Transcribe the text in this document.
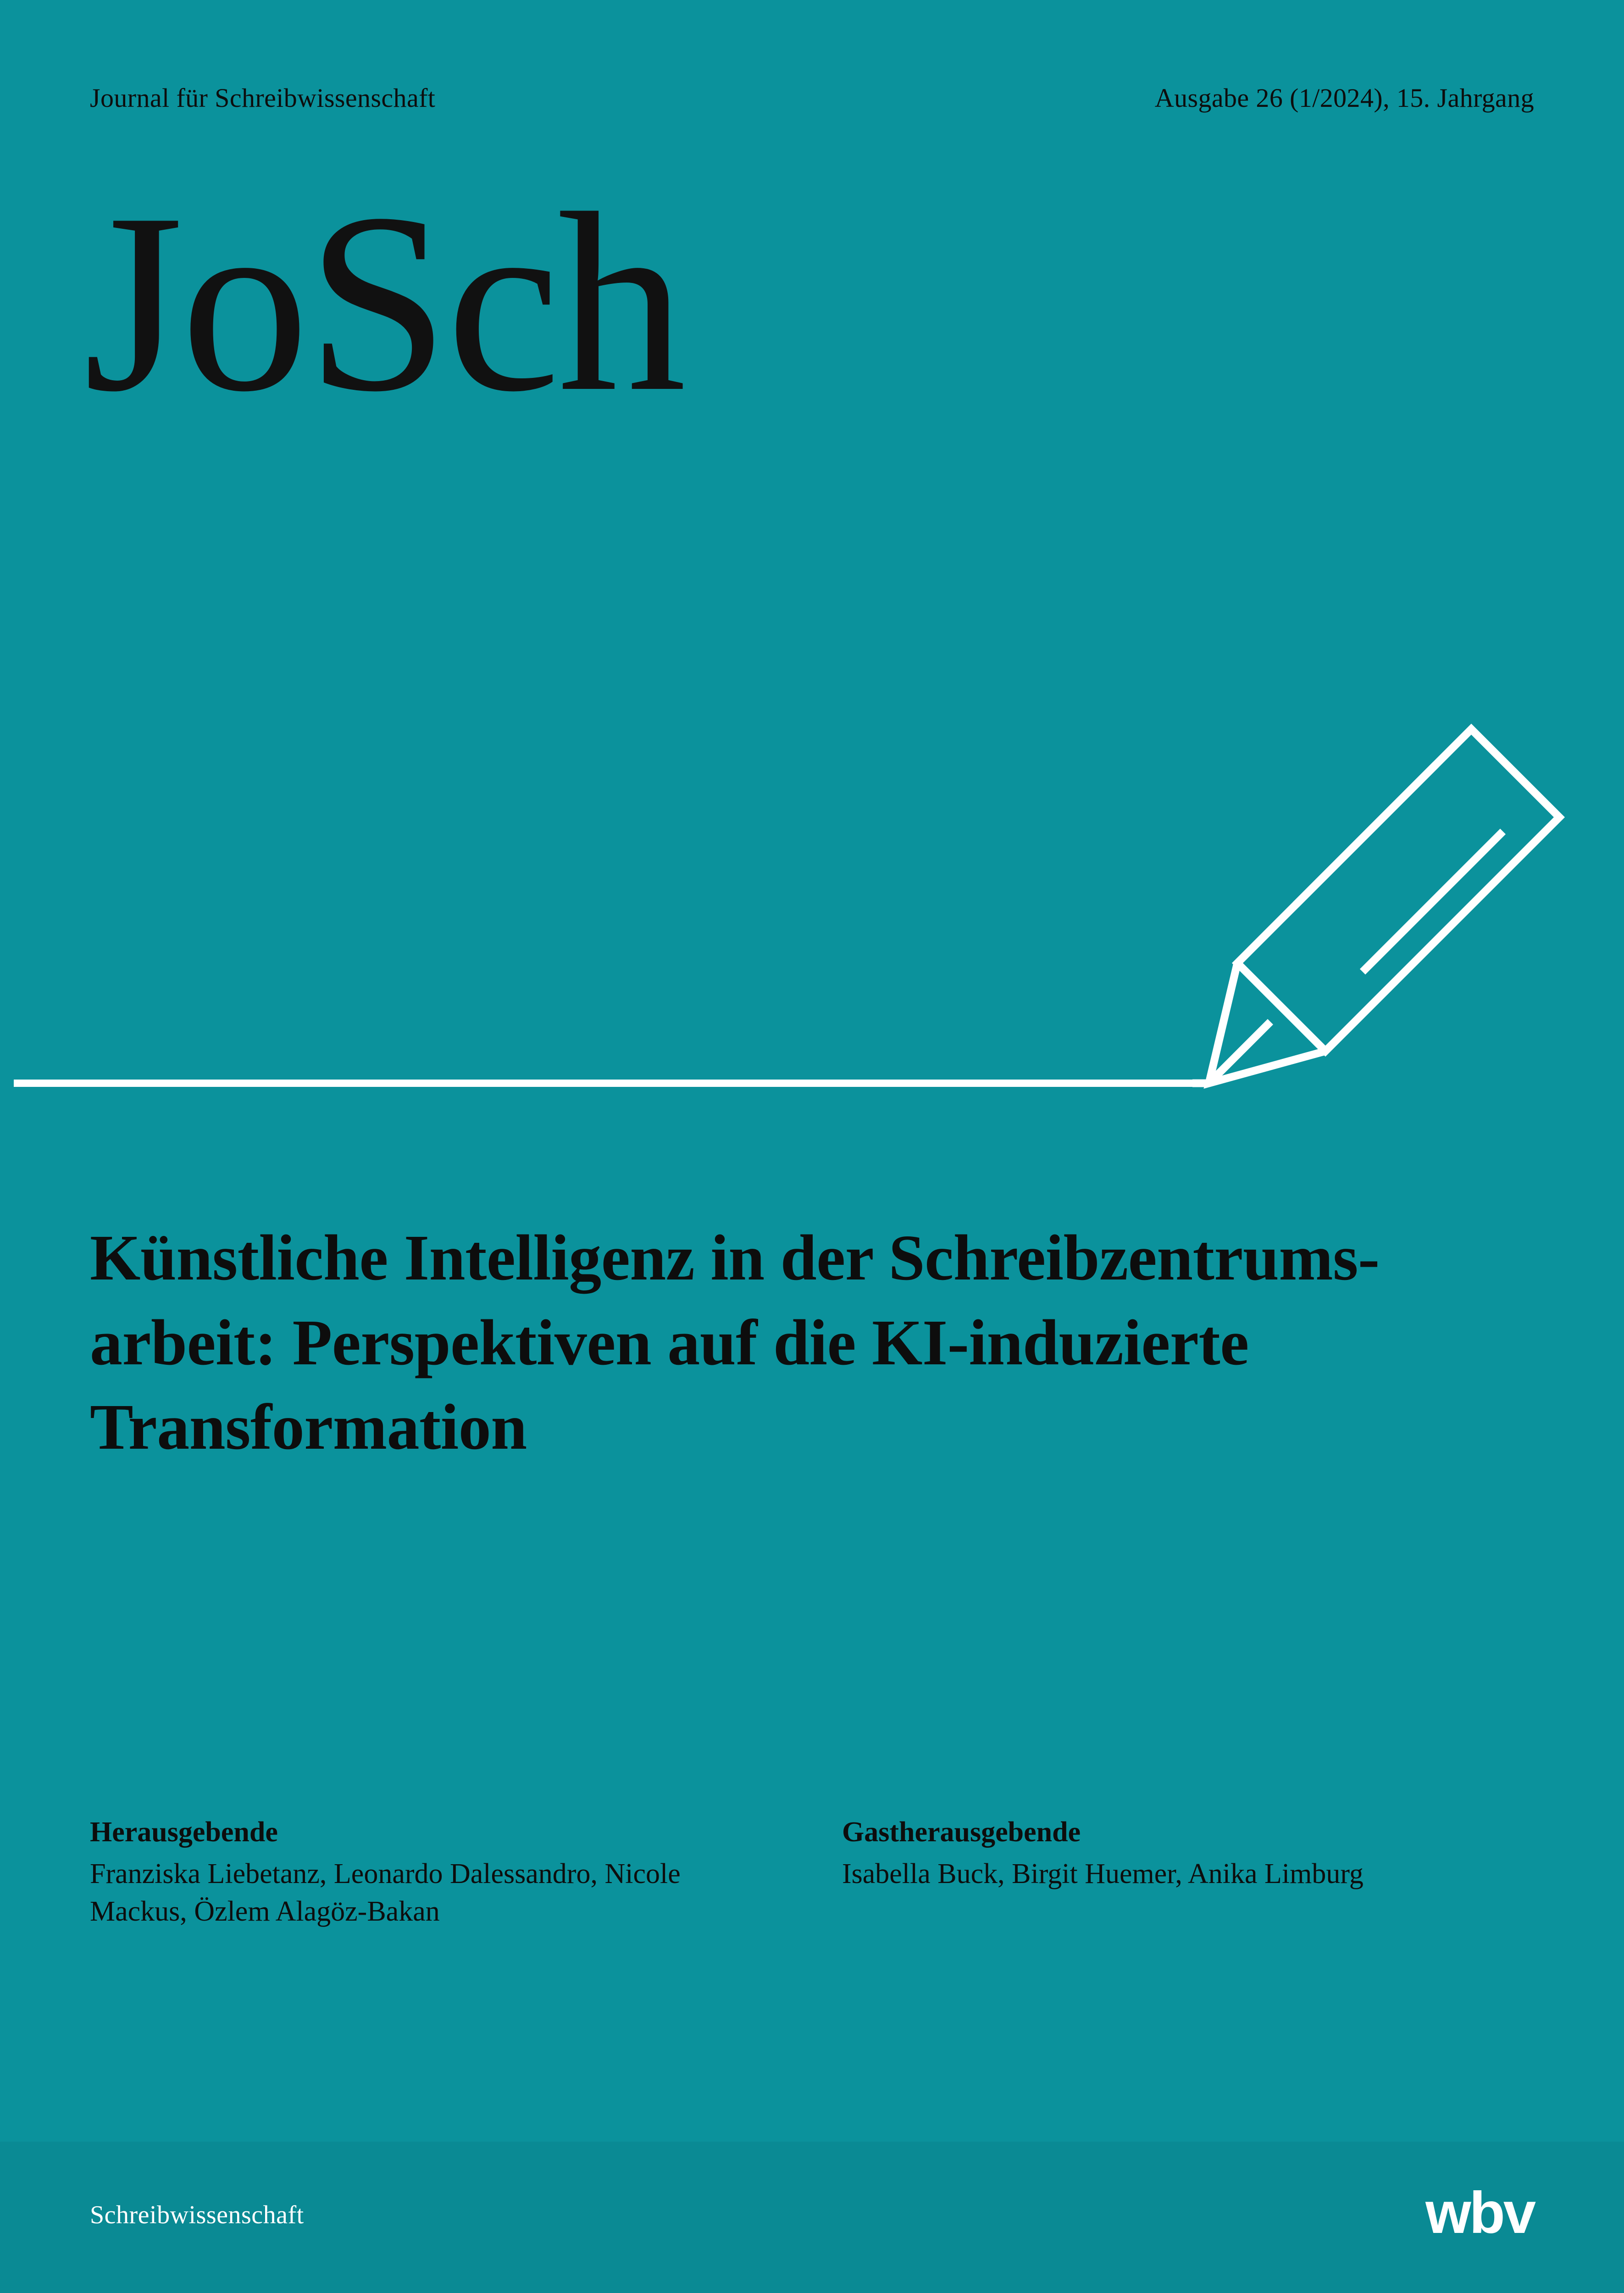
Journal für Schreibwissenschaft	Ausgabe 26 (1/2024), 15. Jahrgang
JoSch
Künstliche Intelligenz in der Schreibzentrums-
arbeit: Perspektiven auf die KI-induzierte
Transformation
Herausgebende
Franziska Liebetanz, Leonardo Dalessandro, Nicole Mackus, Özlem Alagöz-Bakan
Gastherausgebende
Isabella Buck, Birgit Huemer, Anika Limburg
Schreibwissenschaft	wbv
